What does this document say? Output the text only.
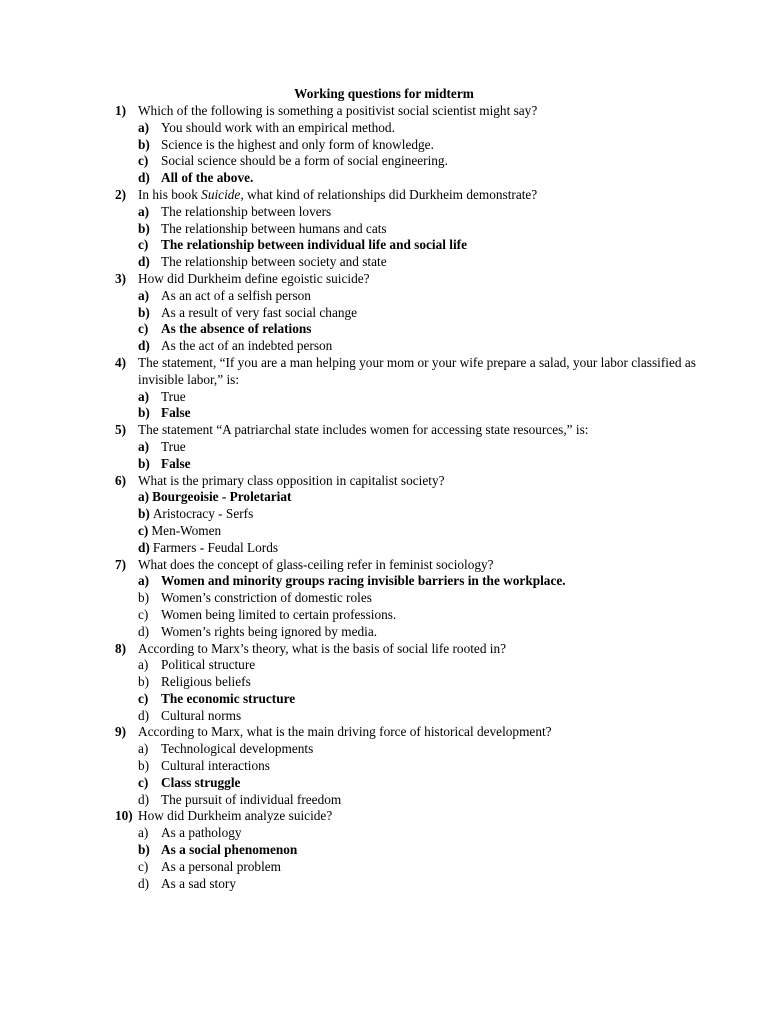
Working questions for midterm
1) Which of the following is something a positivist social scientist might say?
a) You should work with an empirical method.
b) Science is the highest and only form of knowledge.
c) Social science should be a form of social engineering.
d) All of the above.
2) In his book Suicide, what kind of relationships did Durkheim demonstrate?
a) The relationship between lovers
b) The relationship between humans and cats
c) The relationship between individual life and social life
d) The relationship between society and state
3) How did Durkheim define egoistic suicide?
a) As an act of a selfish person
b) As a result of very fast social change
c) As the absence of relations
d) As the act of an indebted person
4) The statement, “If you are a man helping your mom or your wife prepare a salad, your labor classified as invisible labor,” is:
a) True
b) False
5) The statement “A patriarchal state includes women for accessing state resources,” is:
a) True
b) False
6) What is the primary class opposition in capitalist society?
a) Bourgeoisie - Proletariat
b) Aristocracy - Serfs
c) Men-Women
d) Farmers - Feudal Lords
7) What does the concept of glass-ceiling refer in feminist sociology?
a) Women and minority groups racing invisible barriers in the workplace.
b) Women’s constriction of domestic roles
c) Women being limited to certain professions.
d) Women’s rights being ignored by media.
8) According to Marx’s theory, what is the basis of social life rooted in?
a) Political structure
b) Religious beliefs
c) The economic structure
d) Cultural norms
9) According to Marx, what is the main driving force of historical development?
a) Technological developments
b) Cultural interactions
c) Class struggle
d) The pursuit of individual freedom
10) How did Durkheim analyze suicide?
a) As a pathology
b) As a social phenomenon
c) As a personal problem
d) As a sad story
